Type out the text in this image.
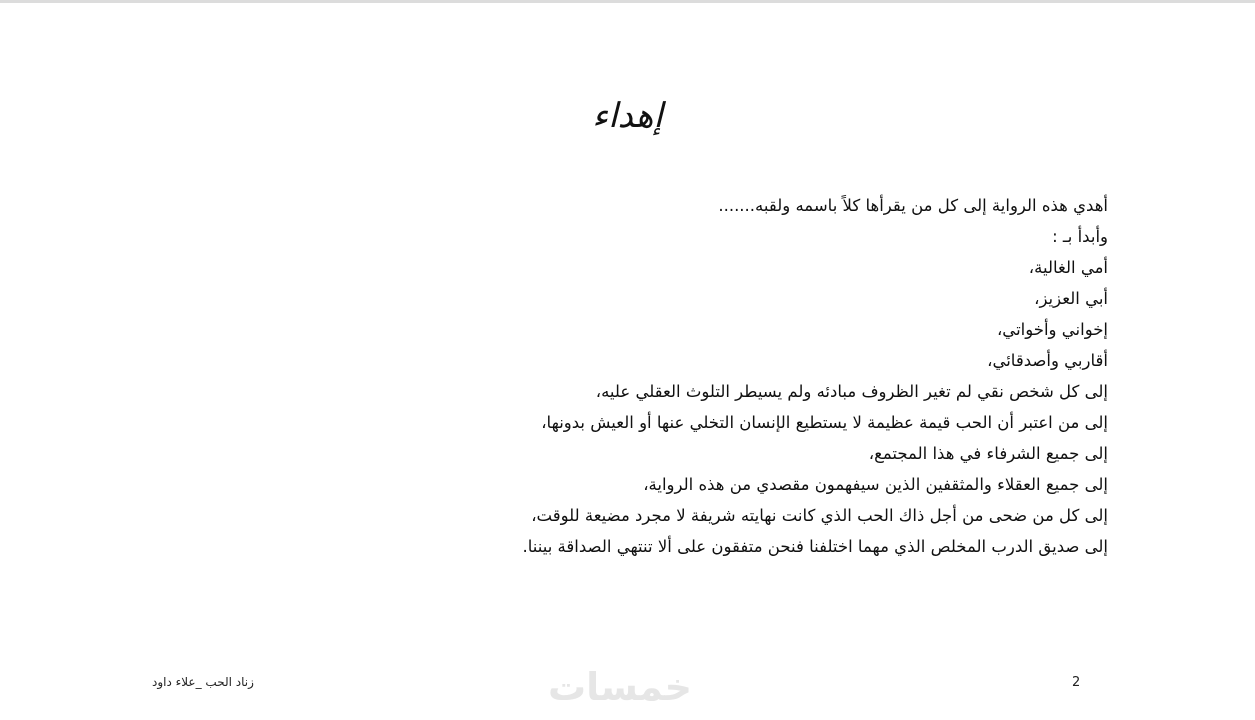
إهداء

أهدي هذه الرواية إلى كل من يقرأها كلاً باسمه ولقبه.......

وأبدأ بـ :

أمي الغالية،

أبي العزيز،

إخواني وأخواتي،

أقاربي وأصدقائي،

إلى كل شخص نقي لم تغير الظروف مبادئه ولم يسيطر التلوث العقلي عليه،

إلى من اعتبر أن الحب قيمة عظيمة لا يستطيع الإنسان التخلي عنها أو العيش بدونها،

إلى جميع الشرفاء في هذا المجتمع،

إلى جميع العقلاء والمثقفين الذين سيفهمون مقصدي من هذه الرواية،

إلى كل من ضحى من أجل ذاك الحب الذي كانت نهايته شريفة لا مجرد مضيعة للوقت،

إلى صديق الدرب المخلص الذي مهما اختلفنا فنحن متفقون على ألا تنتهي الصداقة بيننا.

زناد الحب _علاء داود	خمسات	2
